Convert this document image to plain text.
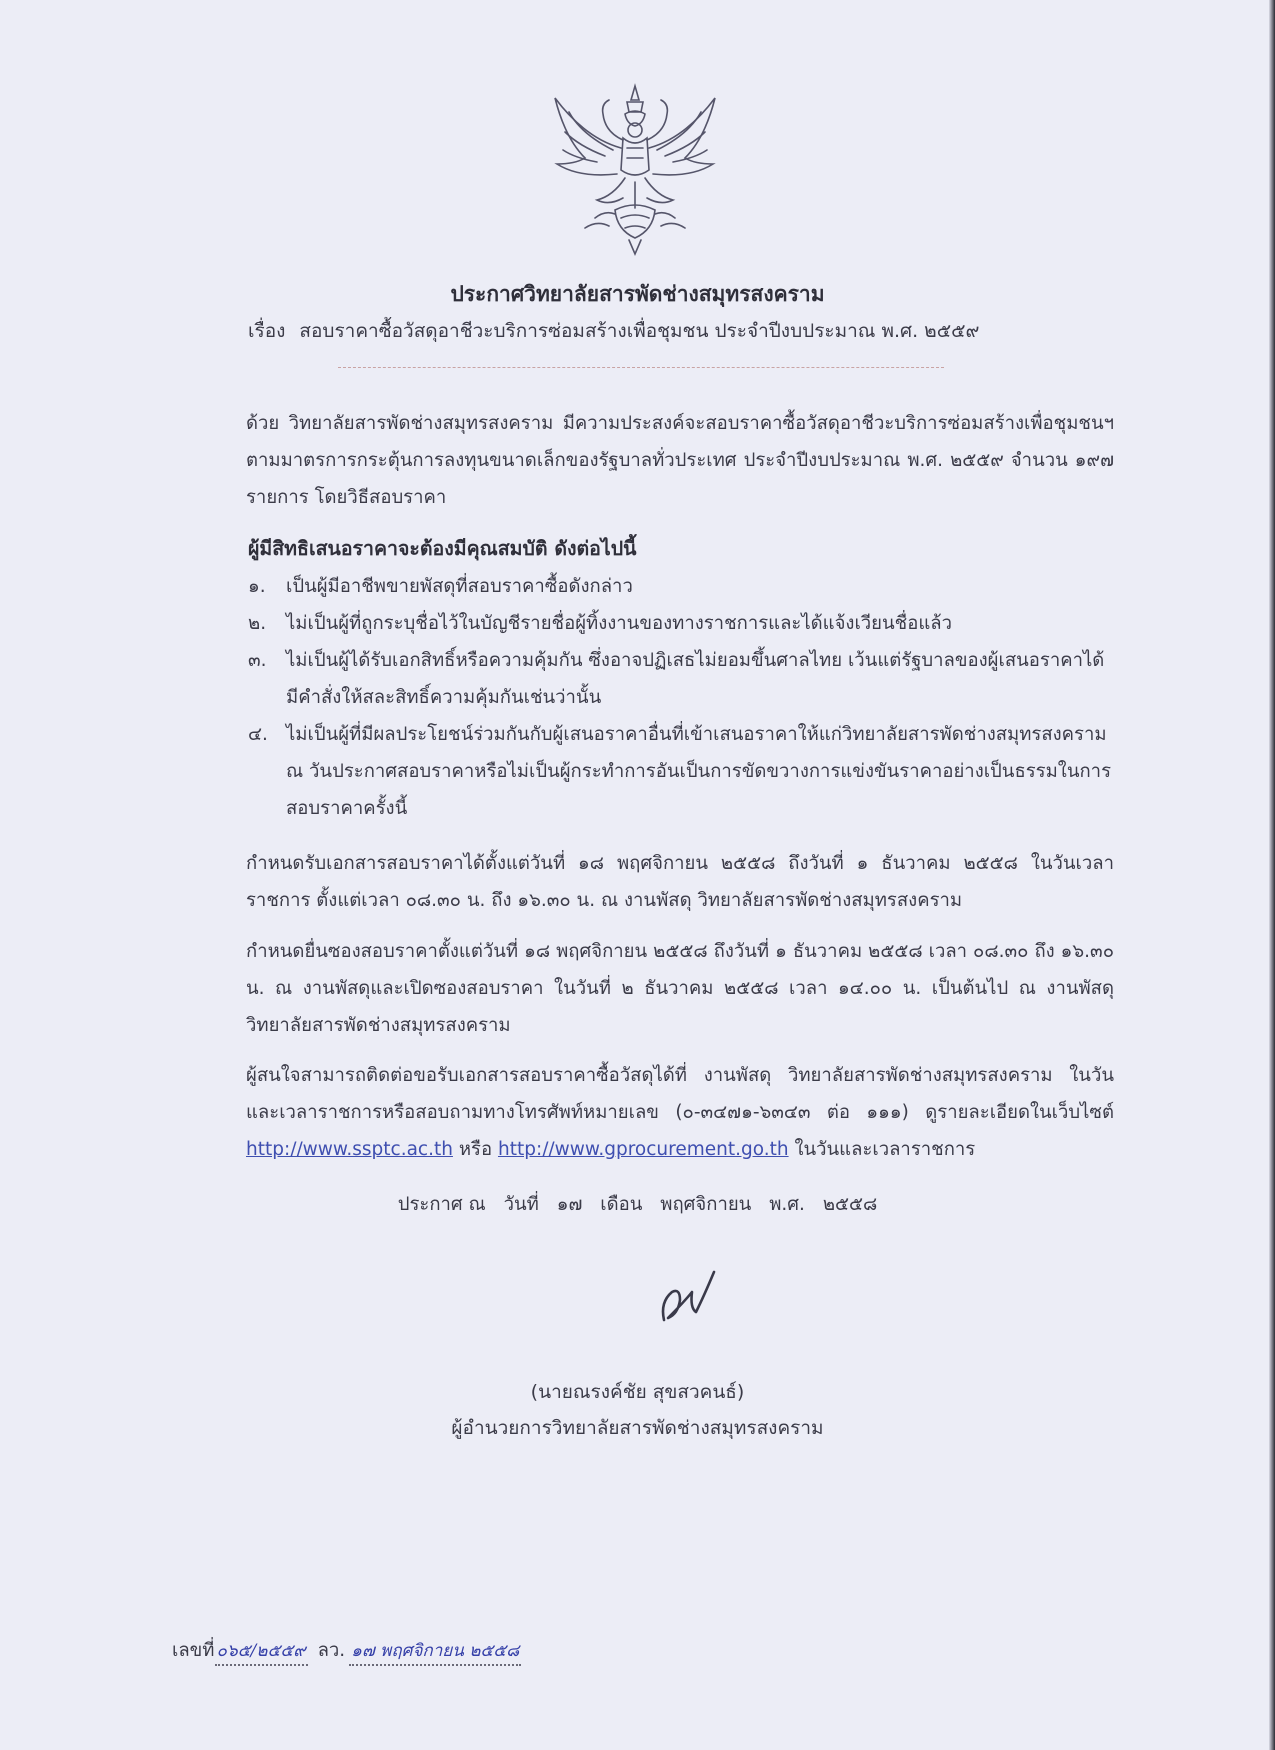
ประกาศวิทยาลัยสารพัดช่างสมุทรสงคราม
เรื่อง สอบราคาซื้อวัสดุอาชีวะบริการซ่อมสร้างเพื่อชุมชน ประจำปีงบประมาณ พ.ศ. ๒๕๕๙
ด้วย วิทยาลัยสารพัดช่างสมุทรสงคราม มีความประสงค์จะสอบราคาซื้อวัสดุอาชีวะบริการซ่อมสร้างเพื่อชุมชนฯ ตามมาตรการกระตุ้นการลงทุนขนาดเล็กของรัฐบาลทั่วประเทศ ประจำปีงบประมาณ พ.ศ. ๒๕๕๙ จำนวน ๑๙๗ รายการ โดยวิธีสอบราคา
ผู้มีสิทธิเสนอราคาจะต้องมีคุณสมบัติ ดังต่อไปนี้
๑.	เป็นผู้มีอาชีพขายพัสดุที่สอบราคาซื้อดังกล่าว
๒.	ไม่เป็นผู้ที่ถูกระบุชื่อไว้ในบัญชีรายชื่อผู้ทิ้งงานของทางราชการและได้แจ้งเวียนชื่อแล้ว
๓.	ไม่เป็นผู้ได้รับเอกสิทธิ์หรือความคุ้มกัน ซึ่งอาจปฏิเสธไม่ยอมขึ้นศาลไทย เว้นแต่รัฐบาลของผู้เสนอราคาได้มีคำสั่งให้สละสิทธิ์ความคุ้มกันเช่นว่านั้น
๔. ไม่เป็นผู้ที่มีผลประโยชน์ร่วมกันกับผู้เสนอราคาอื่นที่เข้าเสนอราคาให้แก่วิทยาลัยสารพัดช่างสมุทรสงคราม ณ วันประกาศสอบราคาหรือไม่เป็นผู้กระทำการอันเป็นการขัดขวางการแข่งขันราคาอย่างเป็นธรรมในการสอบราคาครั้งนี้
กำหนดรับเอกสารสอบราคาได้ตั้งแต่วันที่ ๑๘ พฤศจิกายน ๒๕๕๘ ถึงวันที่ ๑ ธันวาคม ๒๕๕๘ ในวันเวลาราชการ ตั้งแต่เวลา ๐๘.๓๐ น. ถึง ๑๖.๓๐ น. ณ งานพัสดุ วิทยาลัยสารพัดช่างสมุทรสงคราม
กำหนดยื่นซองสอบราคาตั้งแต่วันที่ ๑๘ พฤศจิกายน ๒๕๕๘ ถึงวันที่ ๑ ธันวาคม ๒๕๕๘ เวลา ๐๘.๓๐ ถึง ๑๖.๓๐ น. ณ งานพัสดุและเปิดซองสอบราคา ในวันที่ ๒ ธันวาคม ๒๕๕๘ เวลา ๑๔.๐๐ น. เป็นต้นไป ณ งานพัสดุ วิทยาลัยสารพัดช่างสมุทรสงคราม
ผู้สนใจสามารถติดต่อขอรับเอกสารสอบราคาซื้อวัสดุได้ที่ งานพัสดุ วิทยาลัยสารพัดช่างสมุทรสงคราม ในวันและเวลาราชการหรือสอบถามทางโทรศัพท์หมายเลข (๐-๓๔๗๑-๖๓๔๓ ต่อ ๑๑๑) ดูรายละเอียดในเว็บไซต์ http://www.ssptc.ac.th หรือ http://www.gprocurement.go.th ในวันและเวลาราชการ
ประกาศ ณ วันที่ ๑๗ เดือน พฤศจิกายน พ.ศ. ๒๕๕๘
(นายณรงค์ชัย สุขสวคนธ์)
ผู้อำนวยการวิทยาลัยสารพัดช่างสมุทรสงคราม
เลขที่ ๐๖๕/๒๕๕๙ ลว. ๑๗ พฤศจิกายน ๒๕๕๘
